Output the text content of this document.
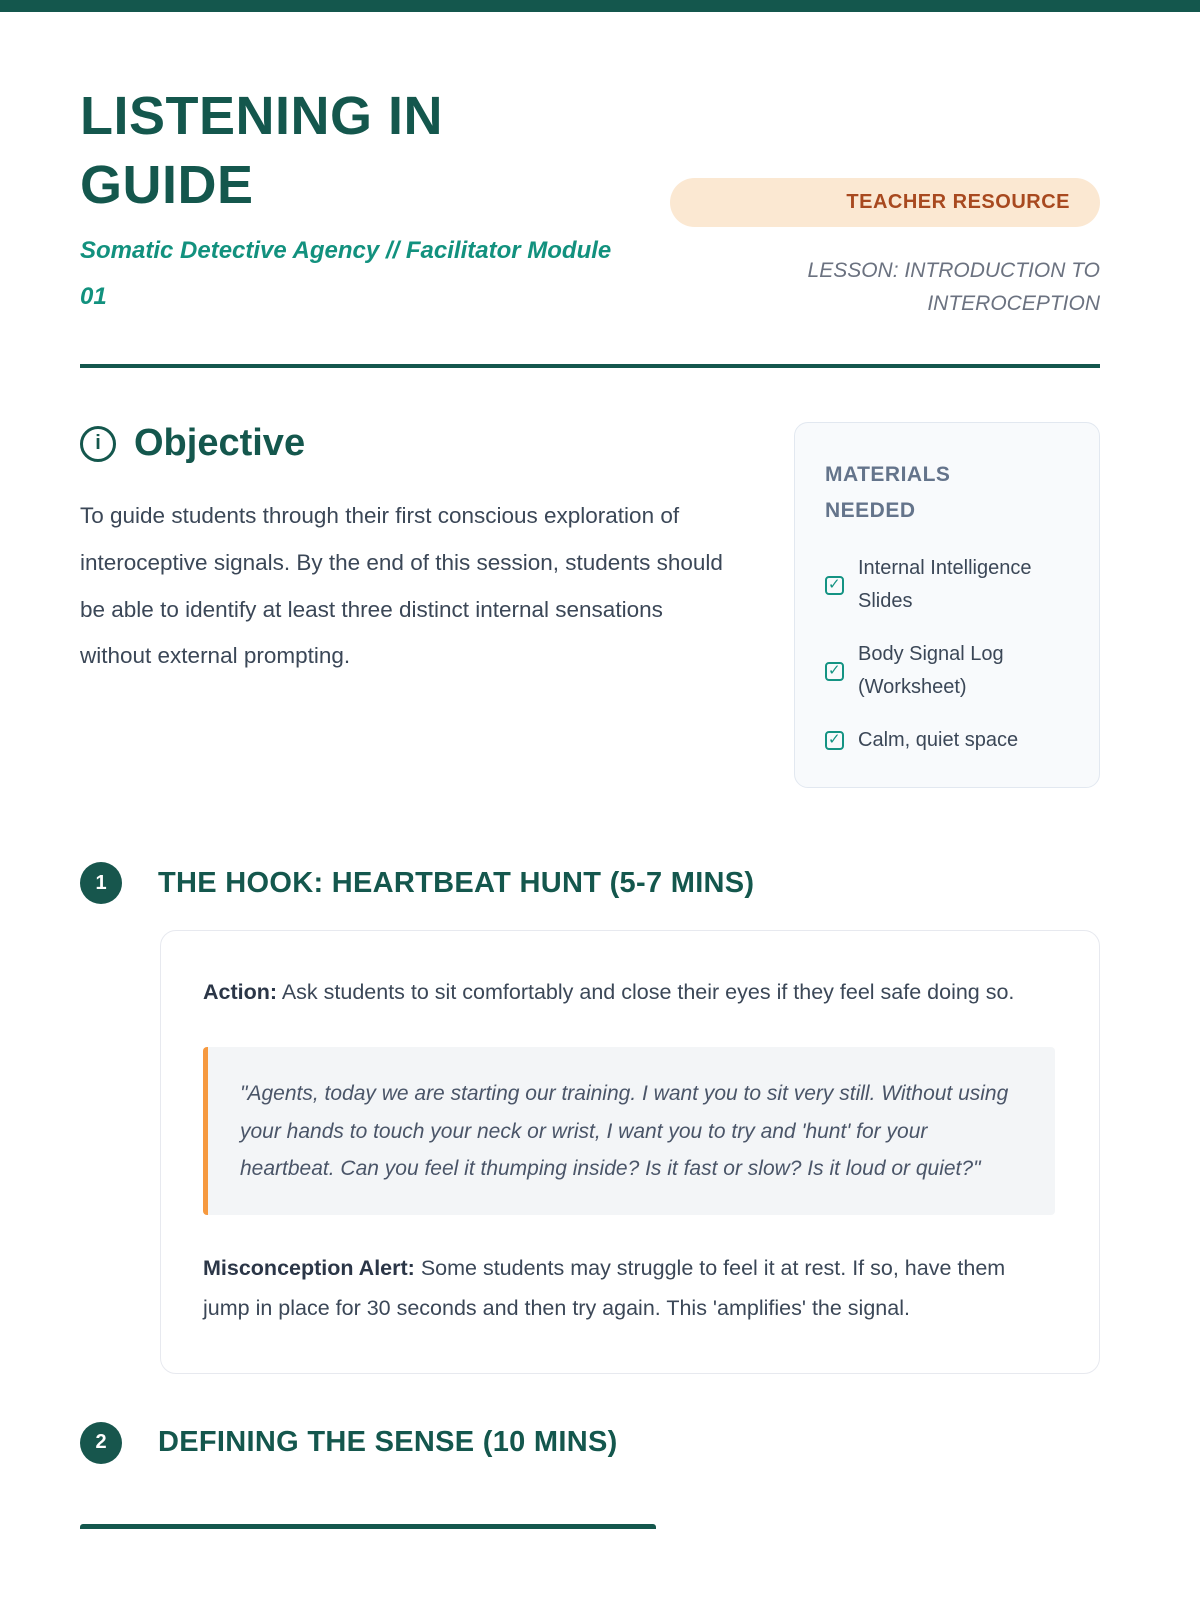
LISTENING IN GUIDE
Somatic Detective Agency // Facilitator Module 01
TEACHER RESOURCE
LESSON: INTRODUCTION TO INTEROCEPTION
i Objective

To guide students through their first conscious exploration of interoceptive signals. By the end of this session, students should be able to identify at least three distinct internal sensations without external prompting.

MATERIALS NEEDED
✓
Internal Intelligence Slides
✓
Body Signal Log (Worksheet)
✓
Calm, quiet space
1	THE HOOK: HEARTBEAT HUNT (5-7 MINS)

Action: Ask students to sit comfortably and close their eyes if they feel safe doing so.

"Agents, today we are starting our training. I want you to sit very still. Without using your hands to touch your neck or wrist, I want you to try and 'hunt' for your heartbeat. Can you feel it thumping inside? Is it fast or slow? Is it loud or quiet?"

Misconception Alert: Some students may struggle to feel it at rest. If so, have them jump in place for 30 seconds and then try again. This 'amplifies' the signal.

2	DEFINING THE SENSE (10 MINS)
